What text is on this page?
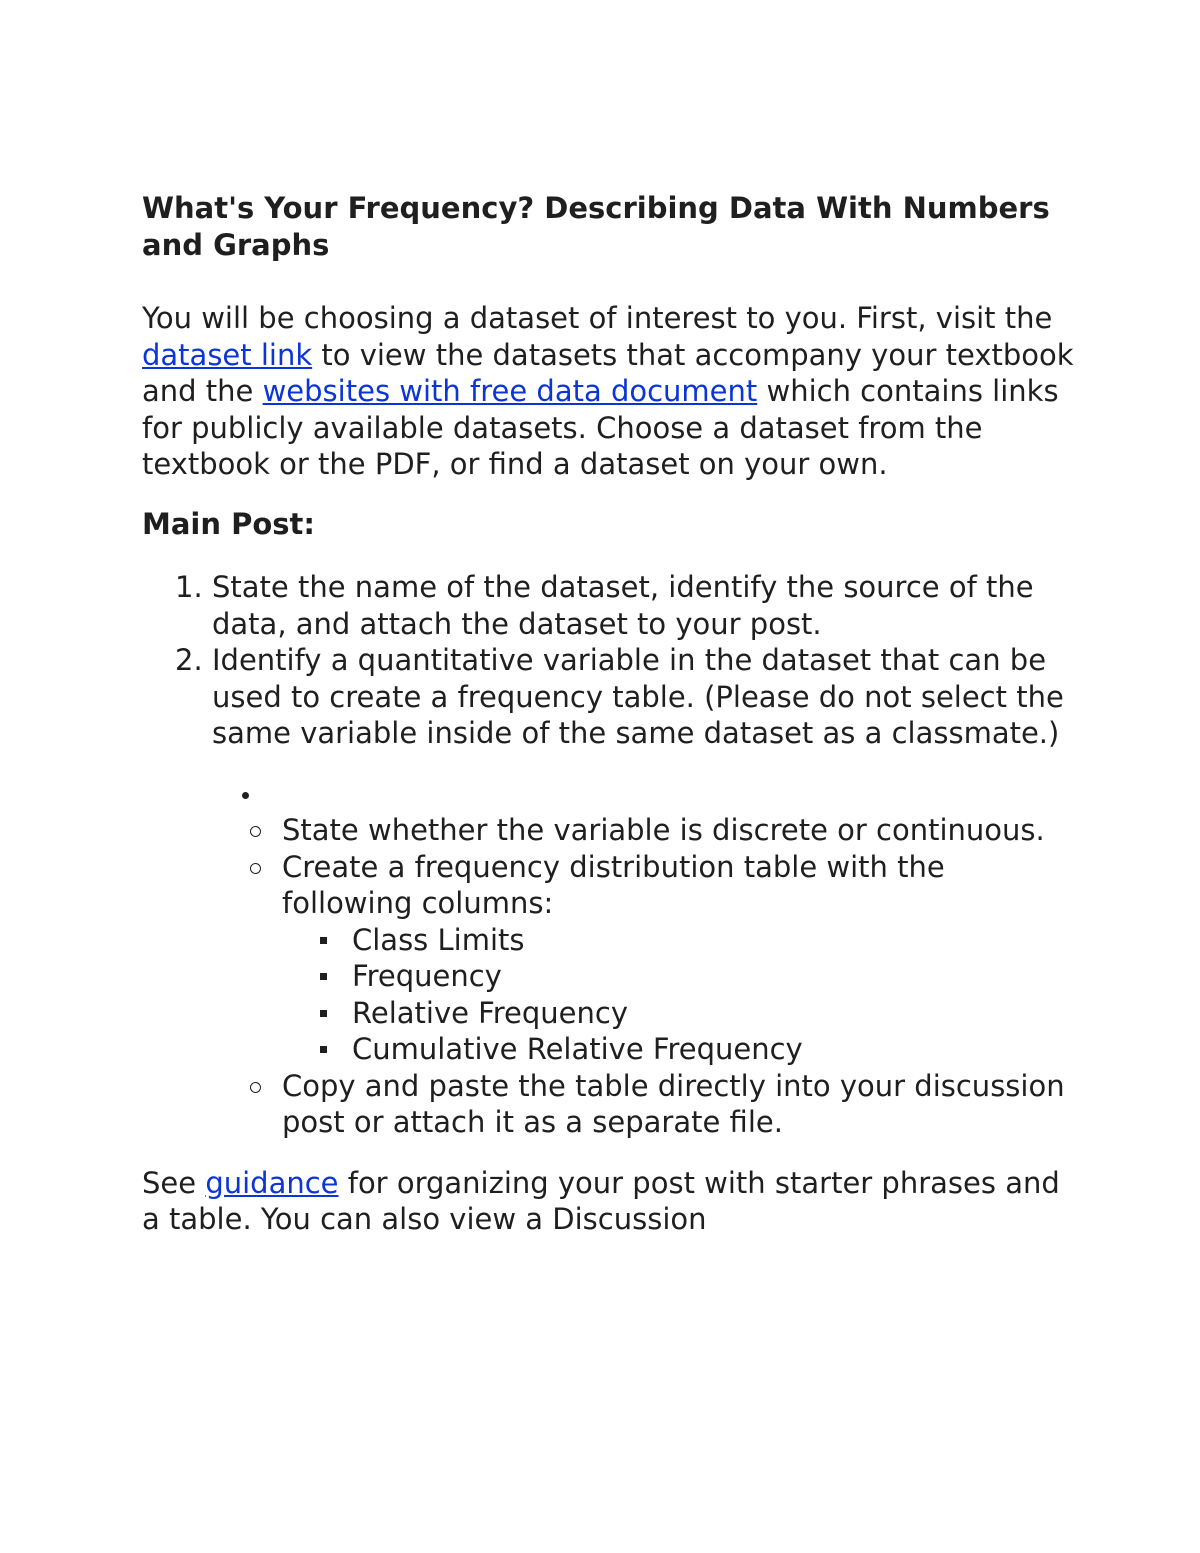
What's Your Frequency? Describing Data With Numbers and Graphs

You will be choosing a dataset of interest to you. First, visit the dataset link to view the datasets that accompany your textbook and the websites with free data document which contains links for publicly available datasets. Choose a dataset from the textbook or the PDF, or find a dataset on your own.

Main Post:
State the name of the dataset, identify the source of the data, and attach the dataset to your post.
Identify a quantitative variable in the dataset that can be used to create a frequency table. (Please do not select the same variable inside of the same dataset as a classmate.)
State whether the variable is discrete or continuous.
Create a frequency distribution table with the following columns:
Class Limits
Frequency
Relative Frequency
Cumulative Relative Frequency
Copy and paste the table directly into your discussion post or attach it as a separate file.

See guidance for organizing your post with starter phrases and a table. You can also view a Discussion
